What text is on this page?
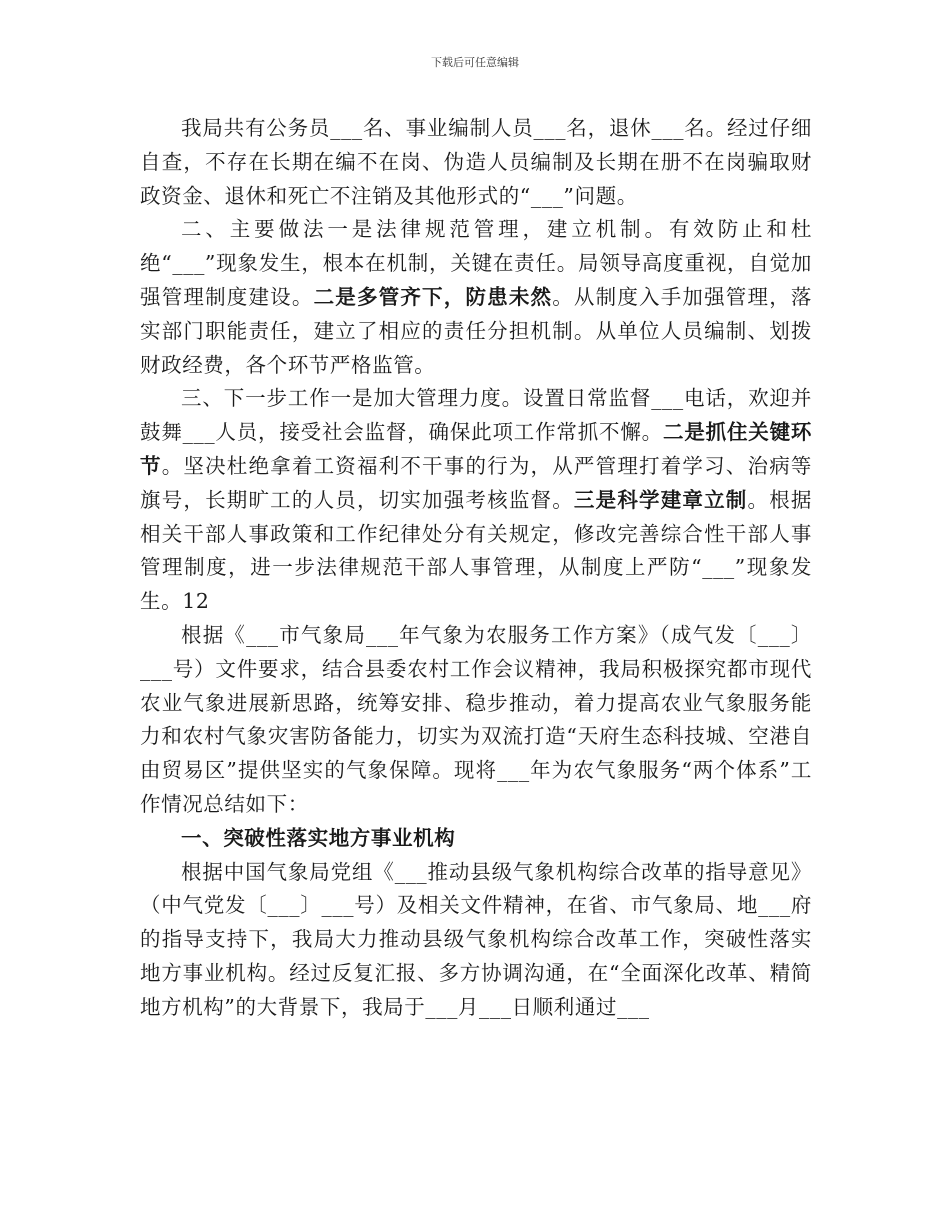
下载后可任意编辑

我局共有公务员___名、事业编制人员___名，退休___名。经过仔细自查，不存在长期在编不在岗、伪造人员编制及长期在册不在岗骗取财政资金、退休和死亡不注销及其他形式的“___”问题。

二、主要做法一是法律规范管理，建立机制。有效防止和杜绝“___”现象发生，根本在机制，关键在责任。局领导高度重视，自觉加强管理制度建设。二是多管齐下，防患未然。从制度入手加强管理，落实部门职能责任，建立了相应的责任分担机制。从单位人员编制、划拨财政经费，各个环节严格监管。

三、下一步工作一是加大管理力度。设置日常监督___电话，欢迎并鼓舞___人员，接受社会监督，确保此项工作常抓不懈。二是抓住关键环节。坚决杜绝拿着工资福利不干事的行为，从严管理打着学习、治病等旗号，长期旷工的人员，切实加强考核监督。三是科学建章立制。根据相关干部人事政策和工作纪律处分有关规定，修改完善综合性干部人事管理制度，进一步法律规范干部人事管理，从制度上严防“___”现象发生。12

根据《___市气象局___年气象为农服务工作方案》（成气发〔___〕___号）文件要求，结合县委农村工作会议精神，我局积极探究都市现代农业气象进展新思路，统筹安排、稳步推动，着力提高农业气象服务能力和农村气象灾害防备能力，切实为双流打造“天府生态科技城、空港自由贸易区”提供坚实的气象保障。现将___年为农气象服务“两个体系”工作情况总结如下：

一、突破性落实地方事业机构

根据中国气象局党组《___推动县级气象机构综合改革的指导意见》（中气党发〔___〕___号）及相关文件精神，在省、市气象局、地___府的指导支持下，我局大力推动县级气象机构综合改革工作，突破性落实地方事业机构。经过反复汇报、多方协调沟通，在“全面深化改革、精简地方机构”的大背景下，我局于___月___日顺利通过___
